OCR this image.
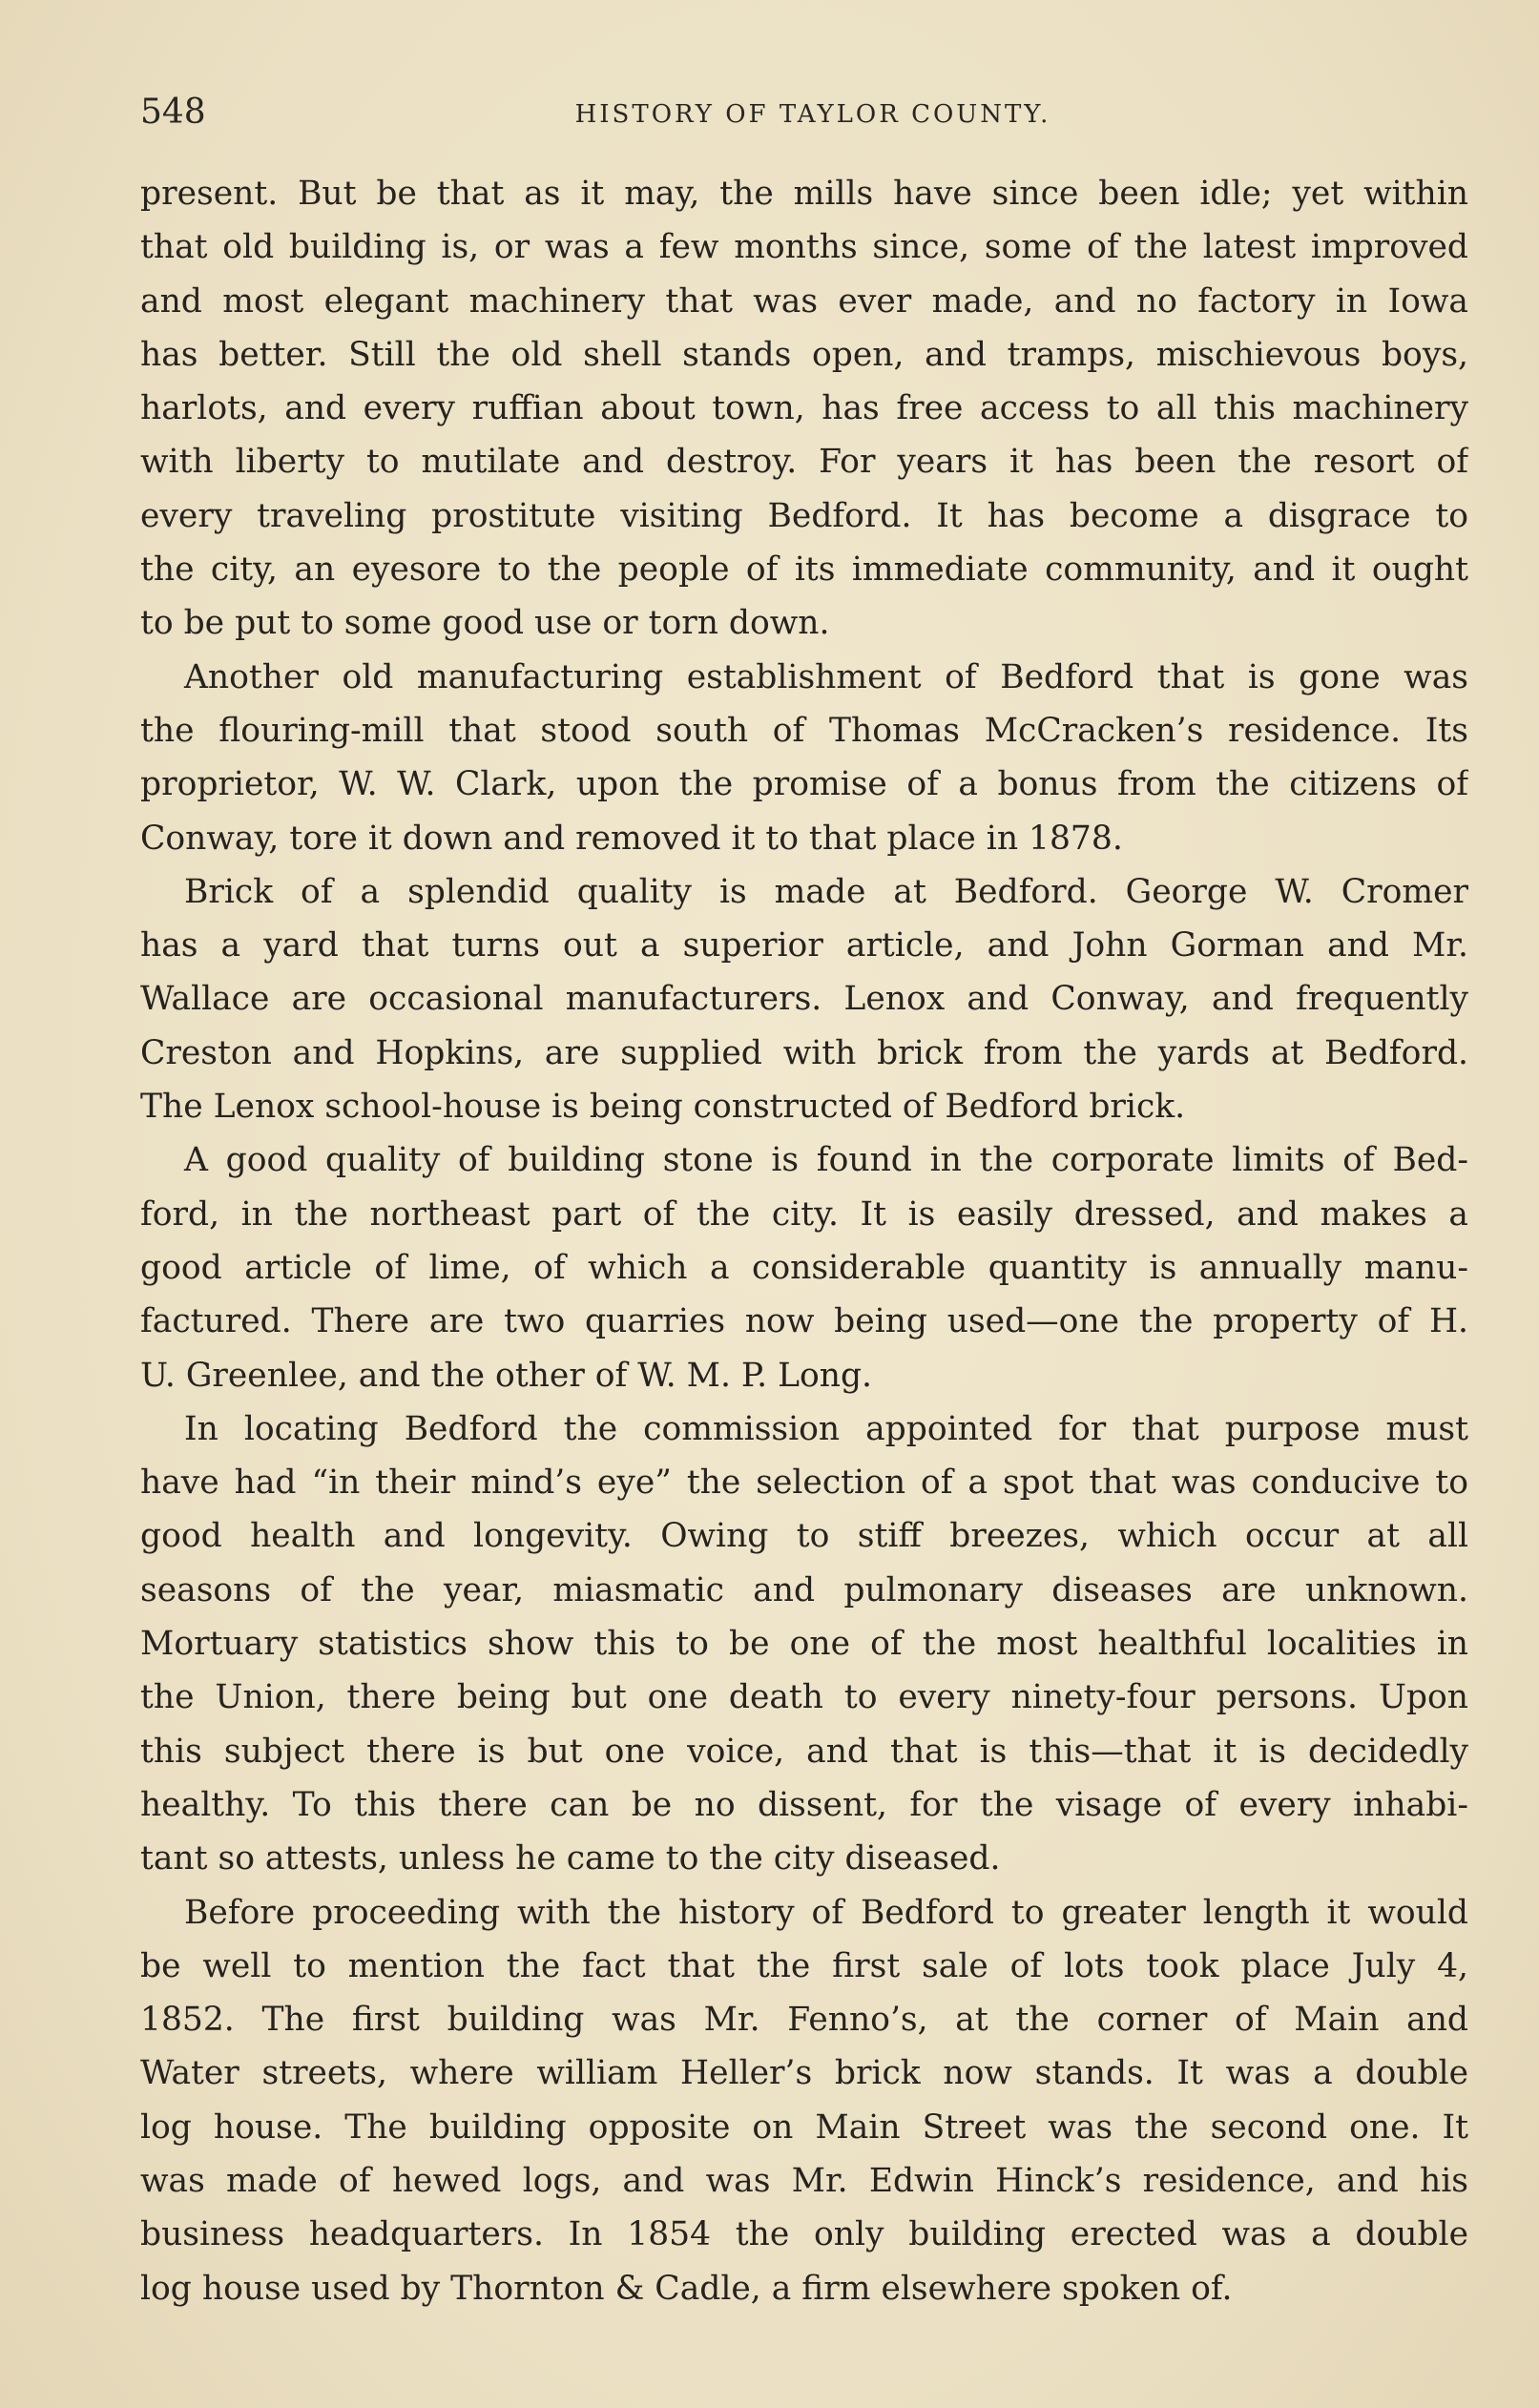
548	HISTORY OF TAYLOR COUNTY.
present. But be that as it may, the mills have since been idle; yet within
that old building is, or was a few months since, some of the latest improved
and most elegant machinery that was ever made, and no factory in Iowa
has better. Still the old shell stands open, and tramps, mischievous boys,
harlots, and every ruffian about town, has free access to all this machinery
with liberty to mutilate and destroy. For years it has been the resort of
every traveling prostitute visiting Bedford. It has become a disgrace to
the city, an eyesore to the people of its immediate community, and it ought
to be put to some good use or torn down.
Another old manufacturing establishment of Bedford that is gone was
the flouring-mill that stood south of Thomas McCracken’s residence. Its
proprietor, W. W. Clark, upon the promise of a bonus from the citizens of
Conway, tore it down and removed it to that place in 1878.
Brick of a splendid quality is made at Bedford. George W. Cromer
has a yard that turns out a superior article, and John Gorman and Mr.
Wallace are occasional manufacturers. Lenox and Conway, and frequently
Creston and Hopkins, are supplied with brick from the yards at Bedford.
The Lenox school-house is being constructed of Bedford brick.
A good quality of building stone is found in the corporate limits of Bed-
ford, in the northeast part of the city. It is easily dressed, and makes a
good article of lime, of which a considerable quantity is annually manu-
factured. There are two quarries now being used—one the property of H.
U. Greenlee, and the other of W. M. P. Long.
In locating Bedford the commission appointed for that purpose must
have had “in their mind’s eye” the selection of a spot that was conducive to
good health and longevity. Owing to stiff breezes, which occur at all
seasons of the year, miasmatic and pulmonary diseases are unknown.
Mortuary statistics show this to be one of the most healthful localities in
the Union, there being but one death to every ninety-four persons. Upon
this subject there is but one voice, and that is this—that it is decidedly
healthy. To this there can be no dissent, for the visage of every inhabi-
tant so attests, unless he came to the city diseased.
Before proceeding with the history of Bedford to greater length it would
be well to mention the fact that the first sale of lots took place July 4,
1852. The first building was Mr. Fenno’s, at the corner of Main and
Water streets, where william Heller’s brick now stands. It was a double
log house. The building opposite on Main Street was the second one. It
was made of hewed logs, and was Mr. Edwin Hinck’s residence, and his
business headquarters. In 1854 the only building erected was a double
log house used by Thornton & Cadle, a firm elsewhere spoken of.
